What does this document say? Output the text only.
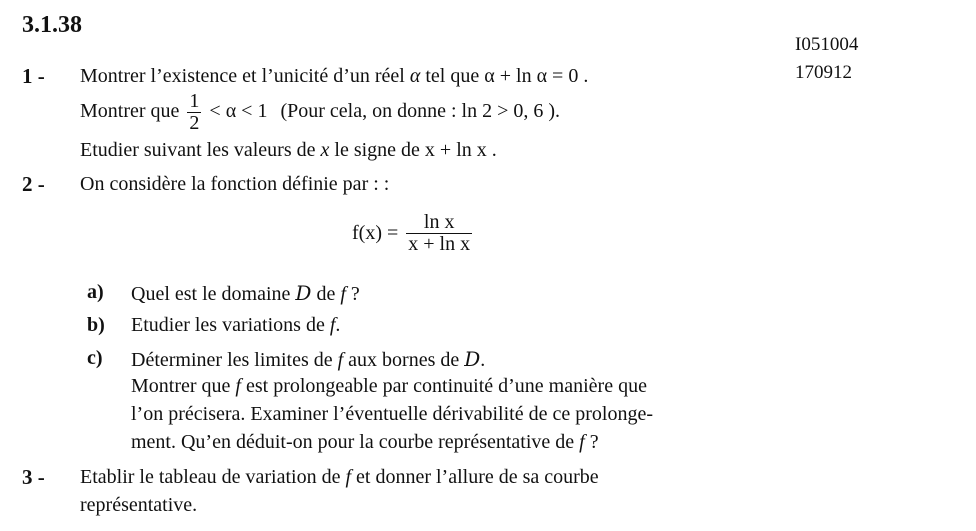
3.1.38
I051004
170912
1 - Montrer l’existence et l’unicité d’un réel α tel que α + ln α = 0 .
Montrer que $\frac{1}{2} < \alpha < 1$ (Pour cela, on donne : ln 2 > 0, 6 ).
Etudier suivant les valeurs de x le signe de x + ln x .
2 - On considère la fonction définie par : :
$f(x) = \frac{\text{ln x}}{\text{x + ln x}}$
a) Quel est le domaine D de f ?
b) Etudier les variations de f.
c) Déterminer les limites de f aux bornes de D.
Montrer que f est prolongeable par continuité d’une manière que
l’on précisera. Examiner l’éventuelle dérivabilité de ce prolonge-
ment. Qu’en déduit-on pour la courbe représentative de f ?
3 - Etablir le tableau de variation de f et donner l’allure de sa courbe
représentative.
